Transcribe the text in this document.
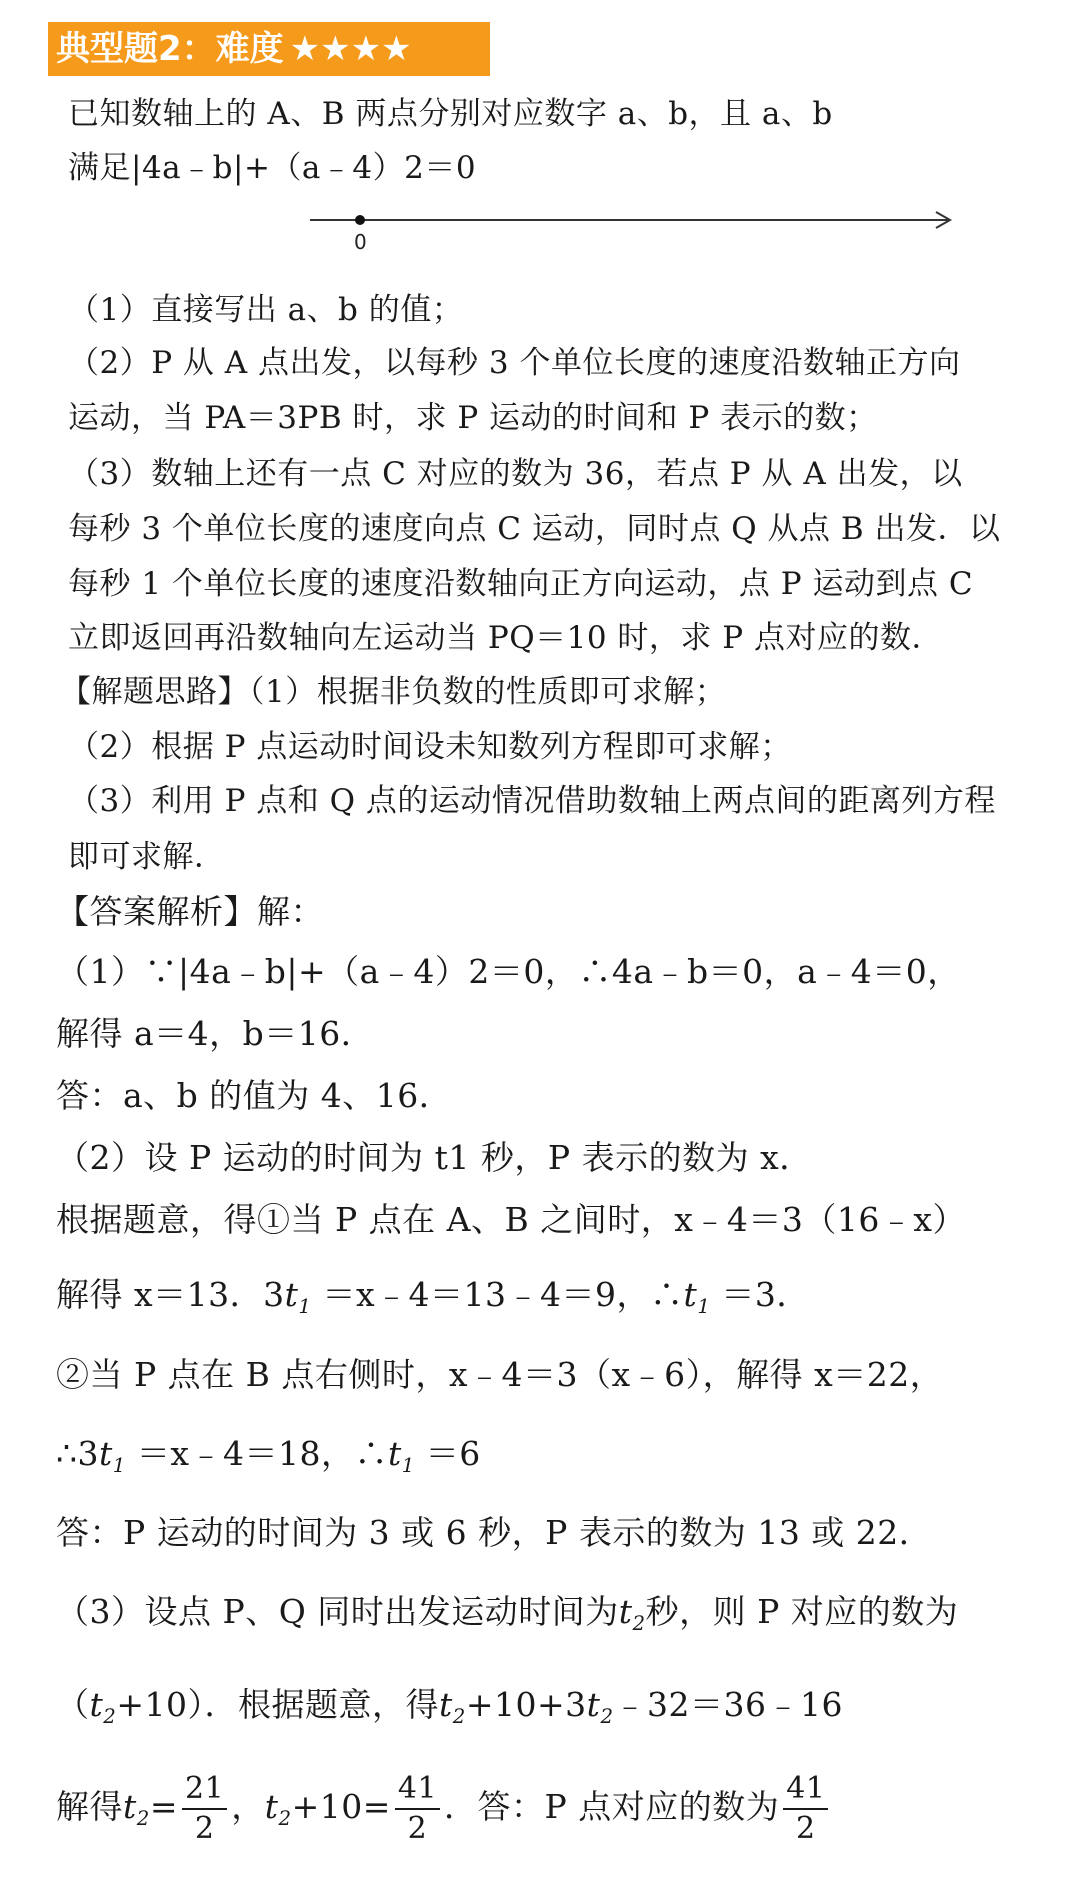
典型题2：难度 ★★★★
已知数轴上的 A、B 两点分别对应数字 a、b，且 a、b
满足|4a﹣b|+（a﹣4）2＝0
0
（1）直接写出 a、b 的值；
（2）P 从 A 点出发，以每秒 3 个单位长度的速度沿数轴正方向
运动，当 PA＝3PB 时，求 P 运动的时间和 P 表示的数；
（3）数轴上还有一点 C 对应的数为 36，若点 P 从 A 出发，以
每秒 3 个单位长度的速度向点 C 运动，同时点 Q 从点 B 出发．以
每秒 1 个单位长度的速度沿数轴向正方向运动，点 P 运动到点 C
立即返回再沿数轴向左运动当 PQ＝10 时，求 P 点对应的数．
【解题思路】（1）根据非负数的性质即可求解；
（2）根据 P 点运动时间设未知数列方程即可求解；
（3）利用 P 点和 Q 点的运动情况借助数轴上两点间的距离列方程
即可求解．
【答案解析】解：
（1）∵|4a﹣b|+（a﹣4）2＝0，∴4a﹣b＝0，a﹣4＝0，
解得 a＝4，b＝16．
答：a、b 的值为 4、16．
（2）设 P 运动的时间为 t1 秒，P 表示的数为 x．
根据题意，得①当 P 点在 A、B 之间时，x﹣4＝3（16﹣x）
解得 x＝13．$3t_1$ ＝x﹣4＝13﹣4＝9，$\therefore t_1 =3$．
②当 P 点在 B 点右侧时，x﹣4＝3（x﹣6），解得 x＝22，
$\therefore 3t_1$ ＝x﹣4＝18，$\therefore t_1 =6$
答：P 运动的时间为 3 或 6 秒，P 表示的数为 13 或 22．
（3）设点 P、Q 同时出发运动时间为$t_2$秒，则 P 对应的数为
$(t_2+10)$．根据题意，得$t_2+10+3t_2﹣32=36﹣16$
解得$t_2= \frac{21}{2}$ ，$t_2+10= \frac{41}{2}$ ．答：P 点对应的数为 $\frac{41}{2}$
